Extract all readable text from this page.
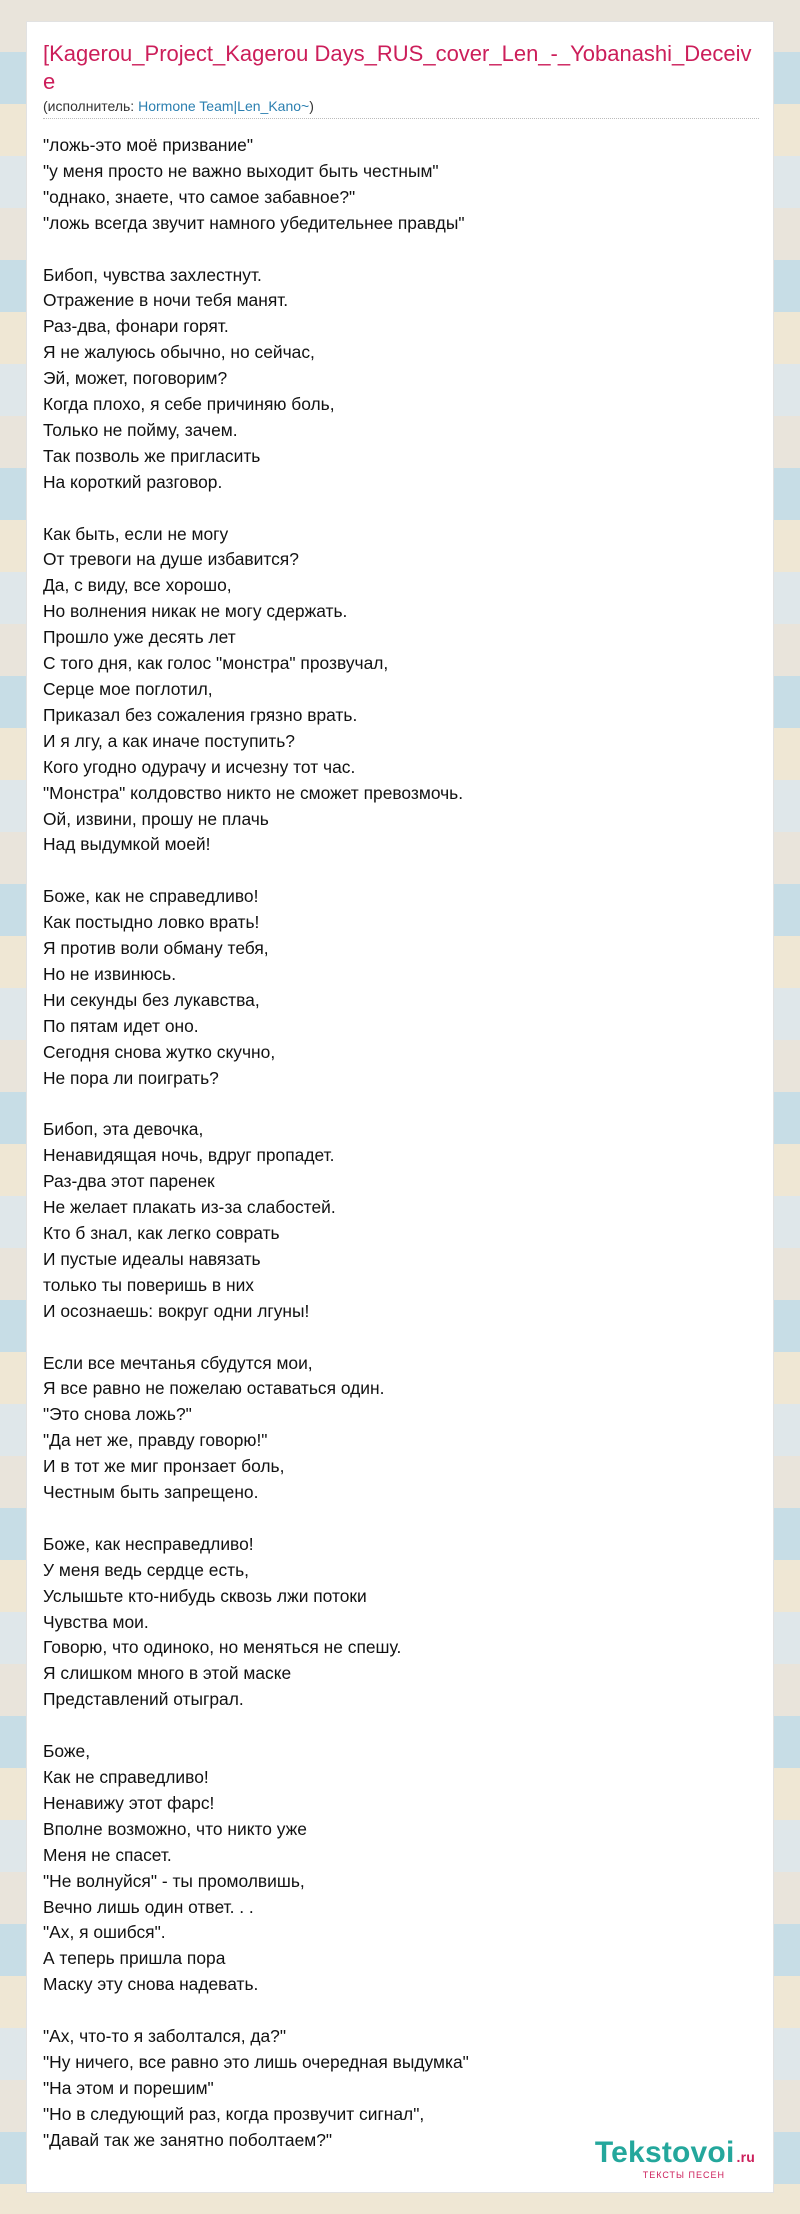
[Kagerou_Project_Kagerou Days_RUS_cover_Len_-_Yobanashi_Deceive
(исполнитель: Hormone Team|Len_Kano~)
"ложь-это моё призвание"
"у меня просто не важно выходит быть честным"
"однако, знаете, что самое забавное?"
"ложь всегда звучит намного убедительнее правды"
Бибоп, чувства захлестнут.
Отражение в ночи тебя манят.
Раз-два, фонари горят.
Я не жалуюсь обычно, но сейчас,
Эй, может, поговорим?
Когда плохо, я себе причиняю боль,
Только не пойму, зачем.
Так позволь же пригласить
На короткий разговор.
Как быть, если не могу
От тревоги на душе избавится?
Да, с виду, все хорошо,
Но волнения никак не могу сдержать.
Прошло уже десять лет
С того дня, как голос "монстра" прозвучал,
Серце мое поглотил,
Приказал без сожаления грязно врать.
И я лгу, а как иначе поступить?
Кого угодно одурачу и исчезну тот час.
"Монстра" колдовство никто не сможет превозмочь.
Ой, извини, прошу не плачь
Над выдумкой моей!
Боже, как не справедливо!
Как постыдно ловко врать!
Я против воли обману тебя,
Но не извинюсь.
Ни секунды без лукавства,
По пятам идет оно.
Сегодня снова жутко скучно,
Не пора ли поиграть?
Бибоп, эта девочка,
Ненавидящая ночь, вдруг пропадет.
Раз-два этот паренек
Не желает плакать из-за слабостей.
Кто б знал, как легко соврать
И пустые идеалы навязать
только ты поверишь в них
И осознаешь: вокруг одни лгуны!
Если все мечтанья сбудутся мои,
Я все равно не пожелаю оставаться один.
"Это снова ложь?"
"Да нет же, правду говорю!"
И в тот же миг пронзает боль,
Честным быть запрещено.
Боже, как несправедливо!
У меня ведь сердце есть,
Услышьте кто-нибудь сквозь лжи потоки
Чувства мои.
Говорю, что одиноко, но меняться не спешу.
Я слишком много в этой маске
Представлений отыграл.
Боже,
Как не справедливо!
Ненавижу этот фарс!
Вполне возможно, что никто уже
Меня не спасет.
"Не волнуйся" - ты промолвишь,
Вечно лишь один ответ. . .
"Ах, я ошибся".
А теперь пришла пора
Маску эту снова надевать.
"Ах, что-то я заболтался, да?"
"Ну ничего, все равно это лишь очередная выдумка"
"На этом и порешим"
"Но в следующий раз, когда прозвучит сигнал",
"Давай так же занятно поболтаем?"	Tekstovoi .ru
ТЕКСТЫ ПЕСЕН
